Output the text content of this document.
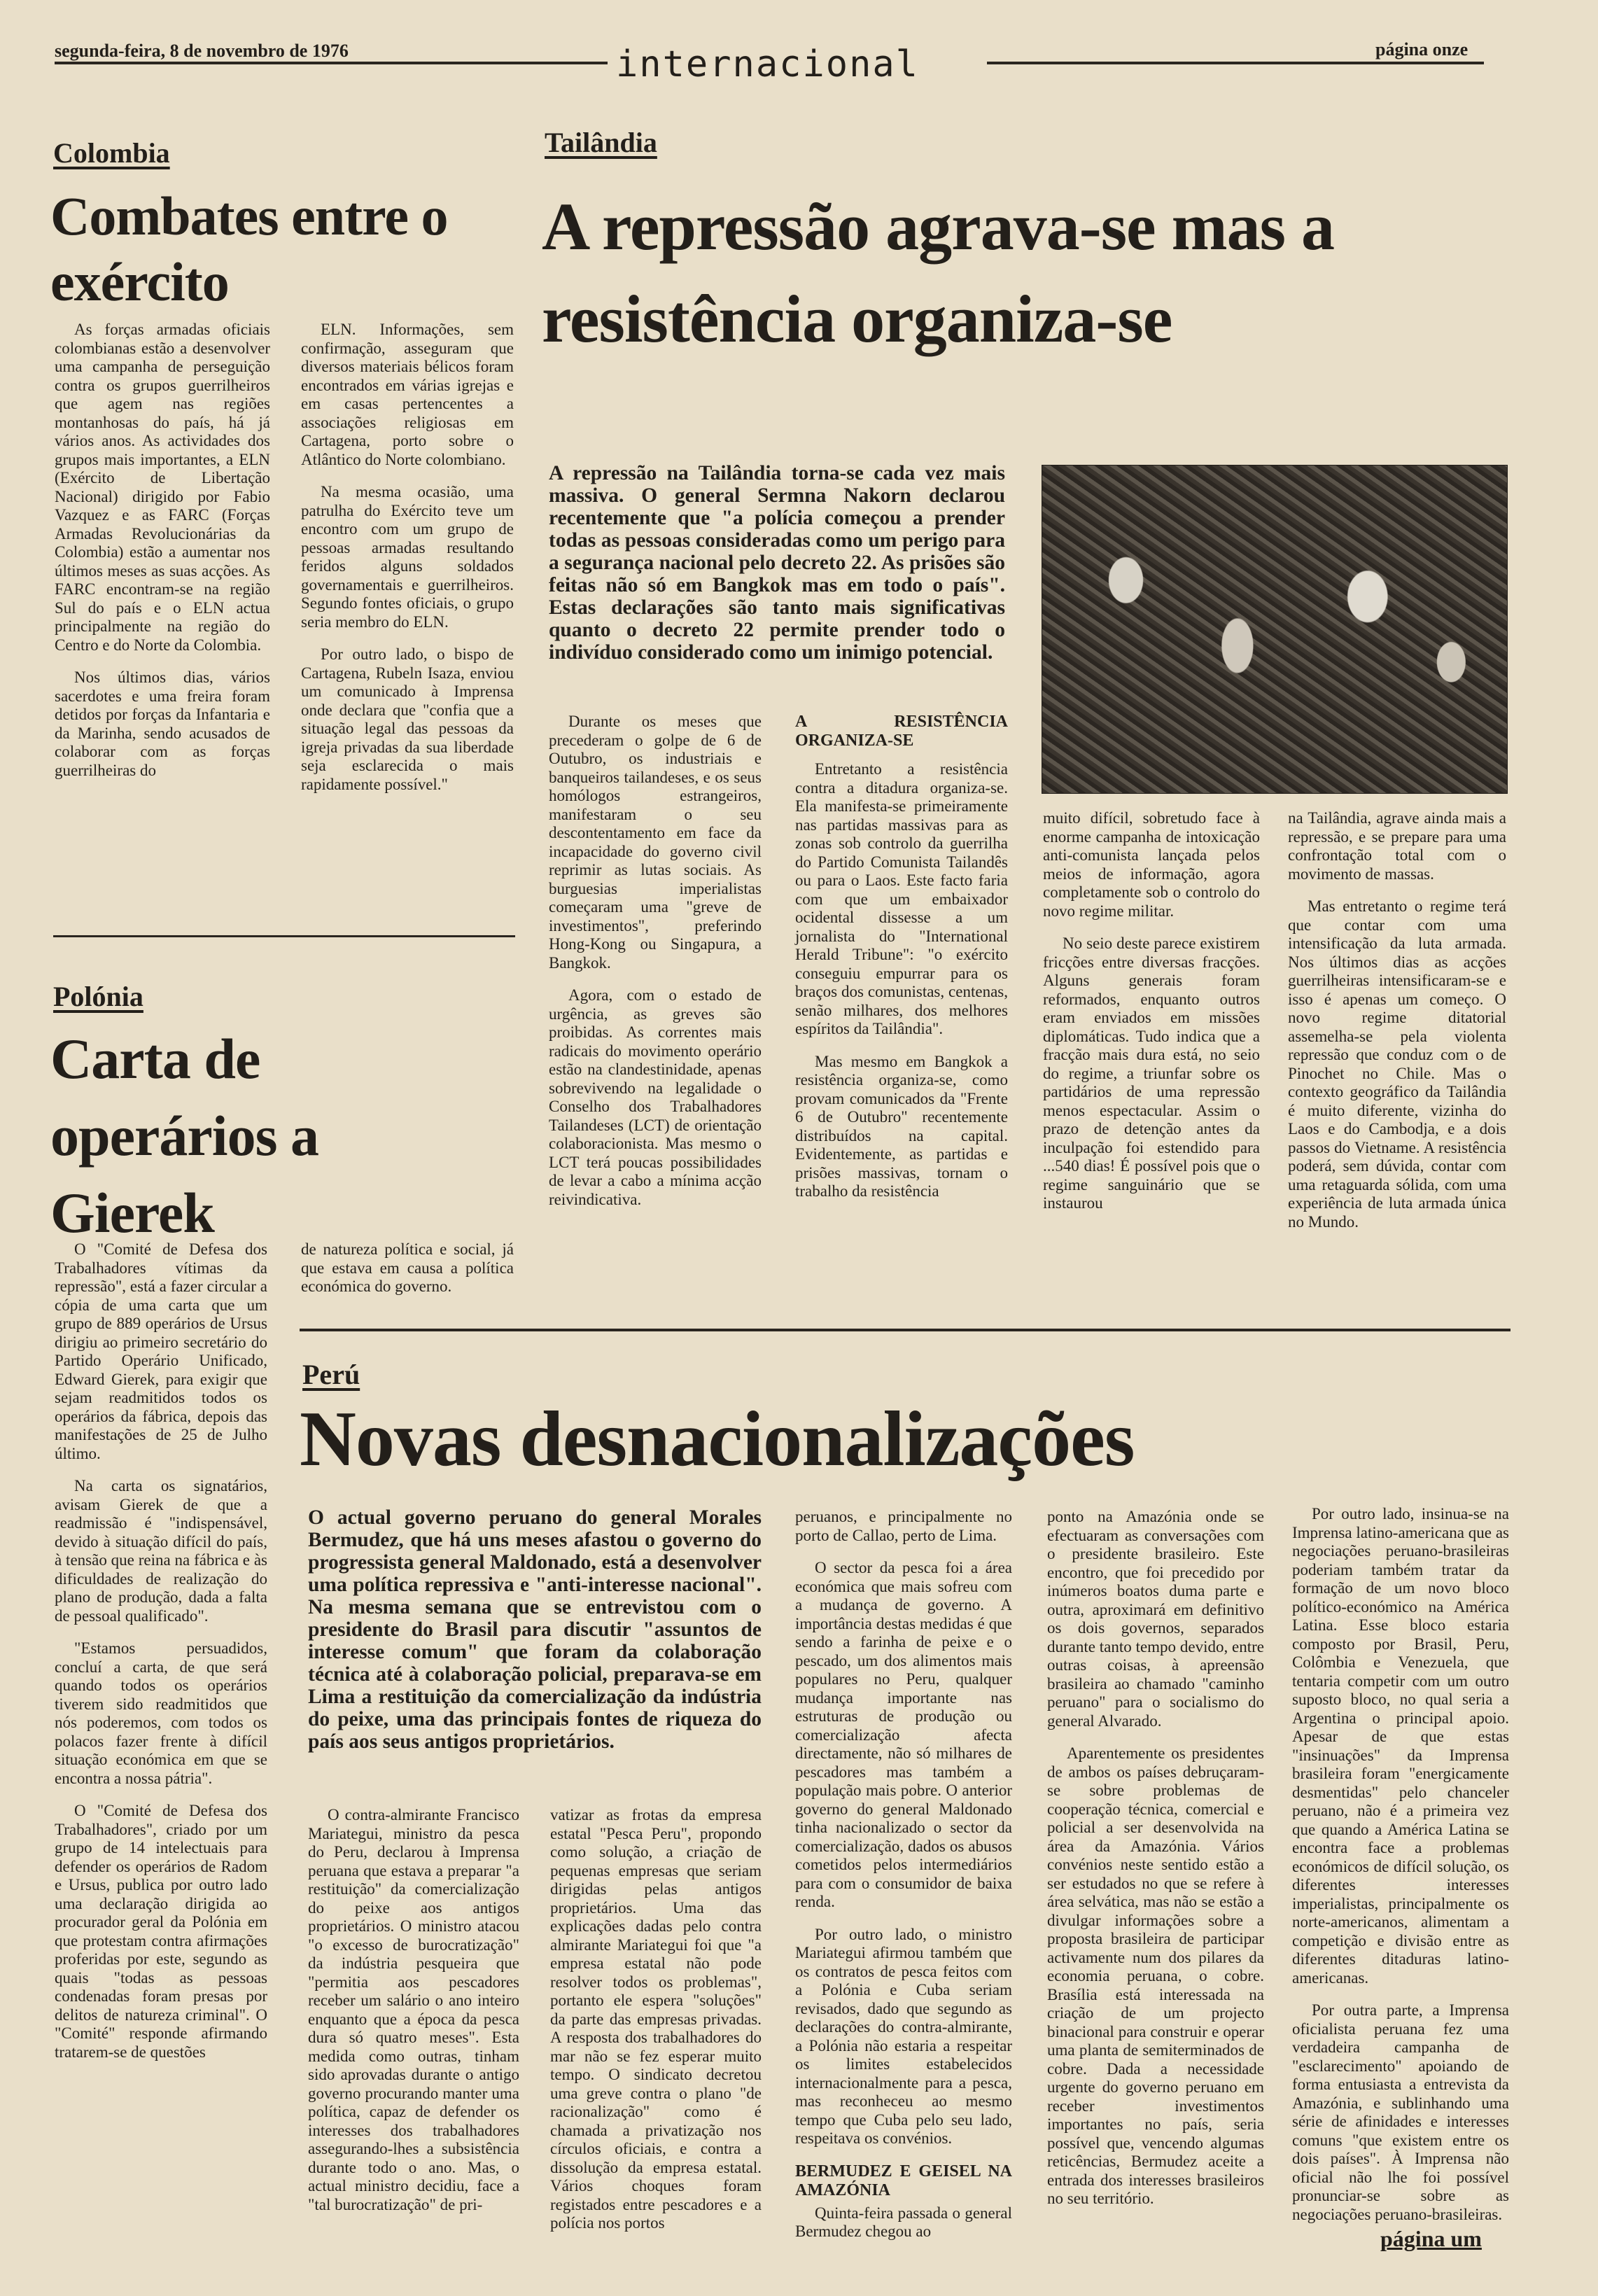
segunda-feira, 8 de novembro de 1976	internacional	página onze
Colombia
Combates entre o exército

As forças armadas oficiais colombianas estão a desenvolver uma campanha de perseguição contra os grupos guerrilheiros que agem nas regiões montanhosas do país, há já vários anos. As actividades dos grupos mais importantes, a ELN (Exército de Libertação Nacional) dirigido por Fabio Vazquez e as FARC (Forças Armadas Revolucionárias da Colombia) estão a aumentar nos últimos meses as suas acções. As FARC encontram-se na região Sul do país e o ELN actua principalmente na região do Centro e do Norte da Colombia.

Nos últimos dias, vários sacerdotes e uma freira foram detidos por forças da Infantaria e da Marinha, sendo acusados de colaborar com as forças guerrilheiras do

ELN. Informações, sem confirmação, asseguram que diversos materiais bélicos foram encontrados em várias igrejas e em casas pertencentes a associações religiosas em Cartagena, porto sobre o Atlântico do Norte colombiano.

Na mesma ocasião, uma patrulha do Exército teve um encontro com um grupo de pessoas armadas resultando feridos alguns soldados governamentais e guerrilheiros. Segundo fontes oficiais, o grupo seria membro do ELN.

Por outro lado, o bispo de Cartagena, Rubeln Isaza, enviou um comunicado à Imprensa onde declara que "confia que a situação legal das pessoas da igreja privadas da sua liberdade seja esclarecida o mais rapidamente possível."

Tailândia
A repressão agrava-se mas a resistência organiza-se
A repressão na Tailândia torna-se cada vez mais massiva. O general Sermna Nakorn declarou recentemente que "a polícia começou a prender todas as pessoas consideradas como um perigo para a segurança nacional pelo decreto 22. As prisões são feitas não só em Bangkok mas em todo o país". Estas declarações são tanto mais significativas quanto o decreto 22 permite prender todo o indivíduo considerado como um inimigo potencial.

Durante os meses que precederam o golpe de 6 de Outubro, os industriais e banqueiros tailandeses, e os seus homólogos estrangeiros, manifestaram o seu descontentamento em face da incapacidade do governo civil reprimir as lutas sociais. As burguesias imperialistas começaram uma "greve de investimentos", preferindo Hong-Kong ou Singapura, a Bangkok.

Agora, com o estado de urgência, as greves são proibidas. As correntes mais radicais do movimento operário estão na clandestinidade, apenas sobrevivendo na legalidade o Conselho dos Trabalhadores Tailandeses (LCT) de orientação colaboracionista. Mas mesmo o LCT terá poucas possibilidades de levar a cabo a mínima acção reivindicativa.

A RESISTÊNCIA ORGANIZA-SE

Entretanto a resistência contra a ditadura organiza-se. Ela manifesta-se primeiramente nas partidas massivas para as zonas sob controlo da guerrilha do Partido Comunista Tailandês ou para o Laos. Este facto faria com que um embaixador ocidental dissesse a um jornalista do "International Herald Tribune": "o exército conseguiu empurrar para os braços dos comunistas, centenas, senão milhares, dos melhores espíritos da Tailândia".

Mas mesmo em Bangkok a resistência organiza-se, como provam comunicados da "Frente 6 de Outubro" recentemente distribuídos na capital. Evidentemente, as partidas e prisões massivas, tornam o trabalho da resistência

muito difícil, sobretudo face à enorme campanha de intoxicação anti-comunista lançada pelos meios de informação, agora completamente sob o controlo do novo regime militar.

No seio deste parece existirem fricções entre diversas fracções. Alguns generais foram reformados, enquanto outros eram enviados em missões diplomáticas. Tudo indica que a fracção mais dura está, no seio do regime, a triunfar sobre os partidários de uma repressão menos espectacular. Assim o prazo de detenção antes da inculpação foi estendido para ...540 dias! É possível pois que o regime sanguinário que se instaurou

na Tailândia, agrave ainda mais a repressão, e se prepare para uma confrontação total com o movimento de massas.

Mas entretanto o regime terá que contar com uma intensificação da luta armada. Nos últimos dias as acções guerrilheiras intensificaram-se e isso é apenas um começo. O novo regime ditatorial assemelha-se pela violenta repressão que conduz com o de Pinochet no Chile. Mas o contexto geográfico da Tailândia é muito diferente, vizinha do Laos e do Cambodja, e a dois passos do Vietname. A resistência poderá, sem dúvida, contar com uma retaguarda sólida, com uma experiência de luta armada única no Mundo.

Polónia
Carta de operários a Gierek

O "Comité de Defesa dos Trabalhadores vítimas da repressão", está a fazer circular a cópia de uma carta que um grupo de 889 operários de Ursus dirigiu ao primeiro secretário do Partido Operário Unificado, Edward Gierek, para exigir que sejam readmitidos todos os operários da fábrica, depois das manifestações de 25 de Julho último.

Na carta os signatários, avisam Gierek de que a readmissão é "indispensável, devido à situação difícil do país, à tensão que reina na fábrica e às dificuldades de realização do plano de produção, dada a falta de pessoal qualificado".

"Estamos persuadidos, concluí a carta, de que será quando todos os operários tiverem sido readmitidos que nós poderemos, com todos os polacos fazer frente à difícil situação económica em que se encontra a nossa pátria".

O "Comité de Defesa dos Trabalhadores", criado por um grupo de 14 intelectuais para defender os operários de Radom e Ursus, publica por outro lado uma declaração dirigida ao procurador geral da Polónia em que protestam contra afirmações proferidas por este, segundo as quais "todas as pessoas condenadas foram presas por delitos de natureza criminal". O "Comité" responde afirmando tratarem-se de questões

de natureza política e social, já que estava em causa a política económica do governo.

Perú
Novas desnacionalizações
O actual governo peruano do general Morales Bermudez, que há uns meses afastou o governo do progressista general Maldonado, está a desenvolver uma política repressiva e "anti-interesse nacional". Na mesma semana que se entrevistou com o presidente do Brasil para discutir "assuntos de interesse comum" que foram da colaboração técnica até à colaboração policial, preparava-se em Lima a restituição da comercialização da indústria do peixe, uma das principais fontes de riqueza do país aos seus antigos proprietários.

O contra-almirante Francisco Mariategui, ministro da pesca do Peru, declarou à Imprensa peruana que estava a preparar "a restituição" da comercialização do peixe aos antigos proprietários. O ministro atacou "o excesso de burocratização" da indústria pesqueira que "permitia aos pescadores receber um salário o ano inteiro enquanto que a época da pesca dura só quatro meses". Esta medida como outras, tinham sido aprovadas durante o antigo governo procurando manter uma política, capaz de defender os interesses dos trabalhadores assegurando-lhes a subsistência durante todo o ano. Mas, o actual ministro decidiu, face a "tal burocratização" de pri-

vatizar as frotas da empresa estatal "Pesca Peru", propondo como solução, a criação de pequenas empresas que seriam dirigidas pelas antigos proprietários. Uma das explicações dadas pelo contra almirante Mariategui foi que "a empresa estatal não pode resolver todos os problemas", portanto ele espera "soluções" da parte das empresas privadas. A resposta dos trabalhadores do mar não se fez esperar muito tempo. O sindicato decretou uma greve contra o plano "de racionalização" como é chamada a privatização nos círculos oficiais, e contra a dissolução da empresa estatal. Vários choques foram registados entre pescadores e a polícia nos portos

peruanos, e principalmente no porto de Callao, perto de Lima.

O sector da pesca foi a área económica que mais sofreu com a mudança de governo. A importância destas medidas é que sendo a farinha de peixe e o pescado, um dos alimentos mais populares no Peru, qualquer mudança importante nas estruturas de produção ou comercialização afecta directamente, não só milhares de pescadores mas também a população mais pobre. O anterior governo do general Maldonado tinha nacionalizado o sector da comercialização, dados os abusos cometidos pelos intermediários para com o consumidor de baixa renda.

Por outro lado, o ministro Mariategui afirmou também que os contratos de pesca feitos com a Polónia e Cuba seriam revisados, dado que segundo as declarações do contra-almirante, a Polónia não estaria a respeitar os limites estabelecidos internacionalmente para a pesca, mas reconheceu ao mesmo tempo que Cuba pelo seu lado, respeitava os convénios.

BERMUDEZ E GEISEL NA AMAZÓNIA

Quinta-feira passada o general Bermudez chegou ao

ponto na Amazónia onde se efectuaram as conversações com o presidente brasileiro. Este encontro, que foi precedido por inúmeros boatos duma parte e outra, aproximará em definitivo os dois governos, separados durante tanto tempo devido, entre outras coisas, à apreensão brasileira ao chamado "caminho peruano" para o socialismo do general Alvarado.

Aparentemente os presidentes de ambos os países debruçaram-se sobre problemas de cooperação técnica, comercial e policial a ser desenvolvida na área da Amazónia. Vários convénios neste sentido estão a ser estudados no que se refere à área selvática, mas não se estão a divulgar informações sobre a proposta brasileira de participar activamente num dos pilares da economia peruana, o cobre. Brasília está interessada na criação de um projecto binacional para construir e operar uma planta de semiterminados de cobre. Dada a necessidade urgente do governo peruano em receber investimentos importantes no país, seria possível que, vencendo algumas reticências, Bermudez aceite a entrada dos interesses brasileiros no seu território.

Por outro lado, insinua-se na Imprensa latino-americana que as negociações peruano-brasileiras poderiam também tratar da formação de um novo bloco político-económico na América Latina. Esse bloco estaria composto por Brasil, Peru, Colômbia e Venezuela, que tentaria competir com um outro suposto bloco, no qual seria a Argentina o principal apoio. Apesar de que estas "insinuações" da Imprensa brasileira foram "energicamente desmentidas" pelo chanceler peruano, não é a primeira vez que quando a América Latina se encontra face a problemas económicos de difícil solução, os diferentes interesses imperialistas, principalmente os norte-americanos, alimentam a competição e divisão entre as diferentes ditaduras latino-americanas.

Por outra parte, a Imprensa oficialista peruana fez uma verdadeira campanha de "esclarecimento" apoiando de forma entusiasta a entrevista da Amazónia, e sublinhando uma série de afinidades e interesses comuns "que existem entre os dois países". À Imprensa não oficial não lhe foi possível pronunciar-se sobre as negociações peruano-brasileiras.

página um
